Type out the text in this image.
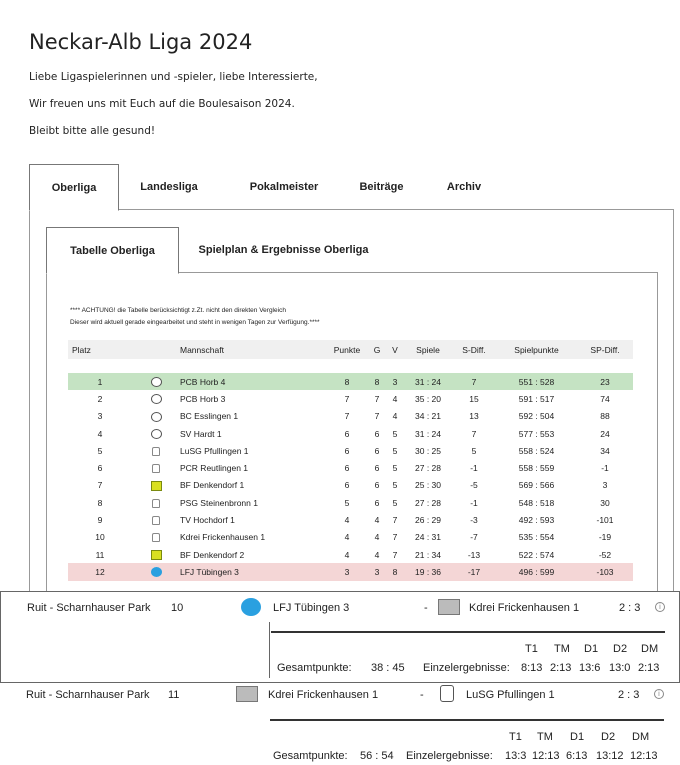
Neckar-Alb Liga 2024

Liebe Ligaspielerinnen und -spieler, liebe Interessierte,

Wir freuen uns mit Euch auf die Boulesaison 2024.

Bleibt bitte alle gesund!

Oberliga	Landesliga	Pokalmeister	Beiträge	Archiv
Tabelle Oberliga	Spielplan & Ergebnisse Oberliga

**** ACHTUNG! die Tabelle berücksichtigt z.Zt. nicht den direkten Vergleich

Dieser wird aktuell gerade eingearbeitet und steht in wenigen Tagen zur Verfügung.****

Platz		Mannschaft	Punkte	G	V	Spiele	S-Diff.	Spielpunkte	SP-Diff.

1		PCB Horb 4	8	8	3	31 : 24	7	551 : 528	23
2		PCB Horb 3	7	7	4	35 : 20	15	591 : 517	74
3		BC Esslingen 1	7	7	4	34 : 21	13	592 : 504	88
4		SV Hardt 1	6	6	5	31 : 24	7	577 : 553	24
5		LuSG Pfullingen 1	6	6	5	30 : 25	5	558 : 524	34
6		PCR Reutlingen 1	6	6	5	27 : 28	-1	558 : 559	-1
7		BF Denkendorf 1	6	6	5	25 : 30	-5	569 : 566	3
8		PSG Steinenbronn 1	5	6	5	27 : 28	-1	548 : 518	30
9		TV Hochdorf 1	4	4	7	26 : 29	-3	492 : 593	-101
10		Kdrei Frickenhausen 1	4	4	7	24 : 31	-7	535 : 554	-19
11		BF Denkendorf 2	4	4	7	21 : 34	-13	522 : 574	-52
12		LFJ Tübingen 3	3	3	8	19 : 36	-17	496 : 599	-103
Ruit - Scharnhauser Park 10	LFJ Tübingen 3	-	Kdrei Frickenhausen 1	2 : 3	i
T1 TM D1 D2 DM
Gesamtpunkte: 38 : 45 Einzelergebnisse: 8:13 2:13 13:6 13:0 2:13
Ruit - Scharnhauser Park 11	Kdrei Frickenhausen 1	-	LuSG Pfullingen 1	2 : 3	i
T1 TM D1 D2 DM
Gesamtpunkte: 56 : 54 Einzelergebnisse: 13:3 12:13 6:13 13:12 12:13
